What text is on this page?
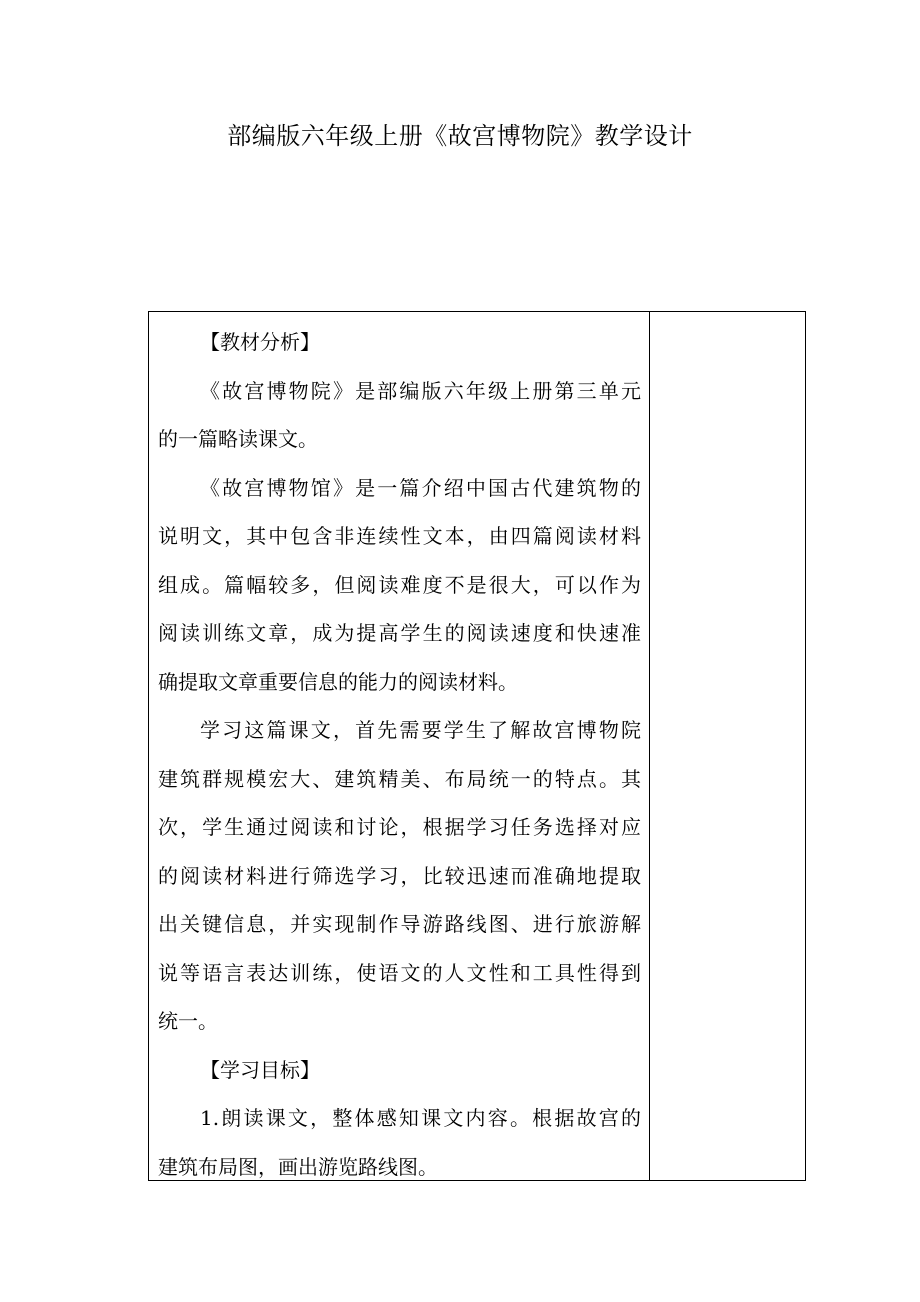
部编版六年级上册《故宫博物院》教学设计
【教材分析】
《故宫博物院》是部编版六年级上册第三单元
的一篇略读课文。
《故宫博物馆》是一篇介绍中国古代建筑物的
说明文，其中包含非连续性文本，由四篇阅读材料
组成。篇幅较多，但阅读难度不是很大，可以作为
阅读训练文章，成为提高学生的阅读速度和快速准
确提取文章重要信息的能力的阅读材料。
学习这篇课文，首先需要学生了解故宫博物院
建筑群规模宏大、建筑精美、布局统一的特点。其
次，学生通过阅读和讨论，根据学习任务选择对应
的阅读材料进行筛选学习，比较迅速而准确地提取
出关键信息，并实现制作导游路线图、进行旅游解
说等语言表达训练，使语文的人文性和工具性得到
统一。
【学习目标】
1.朗读课文，整体感知课文内容。根据故宫的
建筑布局图，画出游览路线图。
